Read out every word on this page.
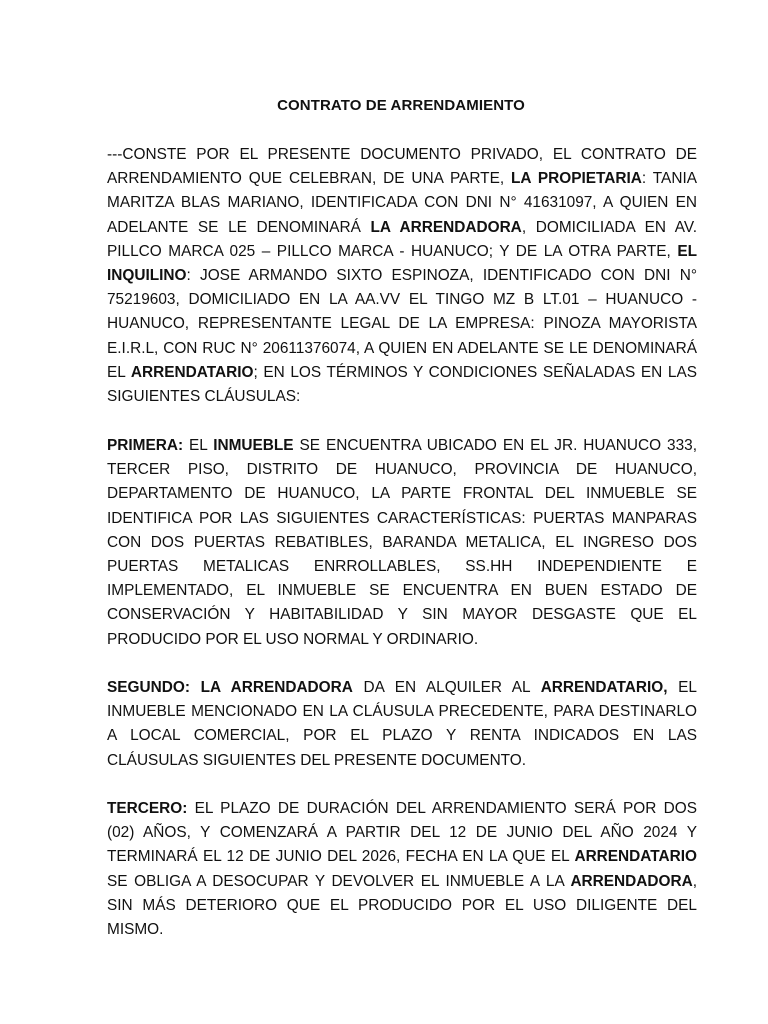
CONTRATO DE ARRENDAMIENTO

---CONSTE POR EL PRESENTE DOCUMENTO PRIVADO, EL CONTRATO DE ARRENDAMIENTO QUE CELEBRAN, DE UNA PARTE, LA PROPIETARIA: TANIA MARITZA BLAS MARIANO, IDENTIFICADA CON DNI N° 41631097, A QUIEN EN ADELANTE SE LE DENOMINARÁ LA ARRENDADORA, DOMICILIADA EN AV. PILLCO MARCA 025 – PILLCO MARCA - HUANUCO; Y DE LA OTRA PARTE, EL INQUILINO: JOSE ARMANDO SIXTO ESPINOZA, IDENTIFICADO CON DNI N° 75219603, DOMICILIADO EN LA AA.VV EL TINGO MZ B LT.01 – HUANUCO - HUANUCO, REPRESENTANTE LEGAL DE LA EMPRESA: PINOZA MAYORISTA E.I.R.L, CON RUC N° 20611376074, A QUIEN EN ADELANTE SE LE DENOMINARÁ EL ARRENDATARIO; EN LOS TÉRMINOS Y CONDICIONES SEÑALADAS EN LAS SIGUIENTES CLÁUSULAS:

PRIMERA: EL INMUEBLE SE ENCUENTRA UBICADO EN EL JR. HUANUCO 333, TERCER PISO, DISTRITO DE HUANUCO, PROVINCIA DE HUANUCO, DEPARTAMENTO DE HUANUCO, LA PARTE FRONTAL DEL INMUEBLE SE IDENTIFICA POR LAS SIGUIENTES CARACTERÍSTICAS: PUERTAS MANPARAS CON DOS PUERTAS REBATIBLES, BARANDA METALICA, EL INGRESO DOS PUERTAS METALICAS ENRROLLABLES, SS.HH INDEPENDIENTE E IMPLEMENTADO, EL INMUEBLE SE ENCUENTRA EN BUEN ESTADO DE CONSERVACIÓN Y HABITABILIDAD Y SIN MAYOR DESGASTE QUE EL PRODUCIDO POR EL USO NORMAL Y ORDINARIO.

SEGUNDO: LA ARRENDADORA DA EN ALQUILER AL ARRENDATARIO, EL INMUEBLE MENCIONADO EN LA CLÁUSULA PRECEDENTE, PARA DESTINARLO A LOCAL COMERCIAL, POR EL PLAZO Y RENTA INDICADOS EN LAS CLÁUSULAS SIGUIENTES DEL PRESENTE DOCUMENTO.

TERCERO: EL PLAZO DE DURACIÓN DEL ARRENDAMIENTO SERÁ POR DOS (02) AÑOS, Y COMENZARÁ A PARTIR DEL 12 DE JUNIO DEL AÑO 2024 Y TERMINARÁ EL 12 DE JUNIO DEL 2026, FECHA EN LA QUE EL ARRENDATARIO SE OBLIGA A DESOCUPAR Y DEVOLVER EL INMUEBLE A LA ARRENDADORA, SIN MÁS DETERIORO QUE EL PRODUCIDO POR EL USO DILIGENTE DEL MISMO.
